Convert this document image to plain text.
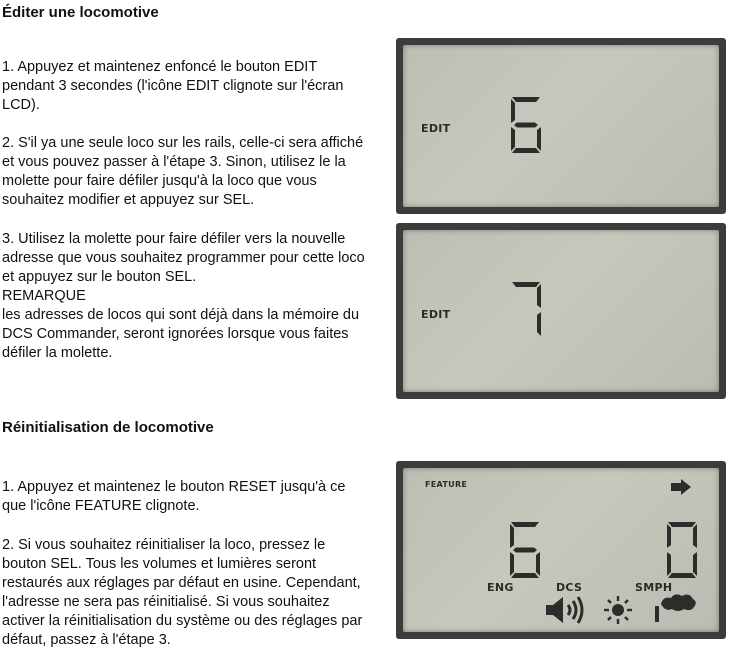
Éditer une locomotive

1. Appuyez et maintenez enfoncé le bouton EDIT pendant 3 secondes (l'icône EDIT clignote sur l'écran LCD).

2. S'il ya une seule loco sur les rails, celle-ci sera affiché et vous pouvez passer à l'étape 3. Sinon, utilisez le la molette pour faire défiler jusqu'à la loco que vous souhaitez modifier et appuyez sur SEL.

3. Utilisez la molette pour faire défiler vers la nouvelle adresse que vous souhaitez programmer pour cette loco et appuyez sur le bouton SEL.
REMARQUE
les adresses de locos qui sont déjà dans la mémoire du DCS Commander, seront ignorées lorsque vous faites défiler la molette.
Réinitialisation de locomotive

1. Appuyez et maintenez le bouton RESET jusqu'à ce que l'icône FEATURE clignote.

2. Si vous souhaitez réinitialiser la loco, pressez le bouton SEL. Tous les volumes et lumières seront restaurés aux réglages par défaut en usine. Cependant, l'adresse ne sera pas réinitialisé. Si vous souhaitez activer la réinitialisation du système ou des réglages par défaut, passez à l'étape 3.

EDIT
EDIT
FEATURE
ENG	DCS	SMPH
